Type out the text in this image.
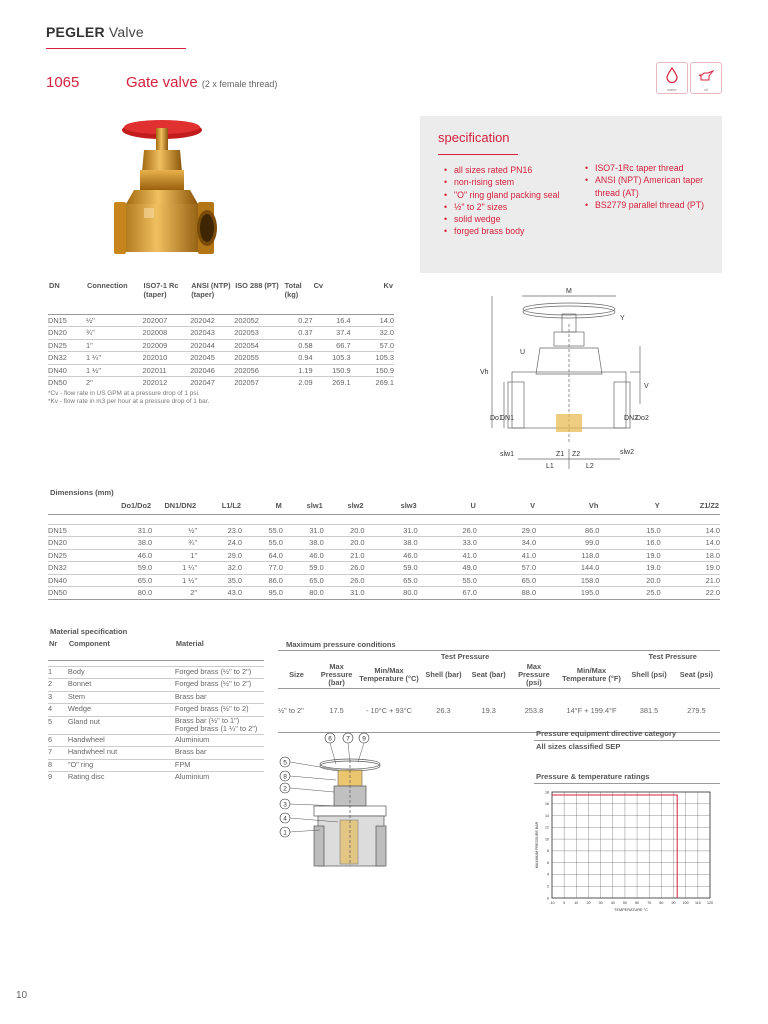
PEGLER Valve
1065	Gate valve (2 x female thread)
water	oil
specification
• all sizes rated PN16
• non-rising stem
• "O" ring gland packing seal
• ½" to 2" sizes
• solid wedge
• forged brass body
• ISO7-1Rc taper thread
• ANSI (NPT) American taper thread (AT)
• BS2779 parallel thread (PT)
DN	Connection	ISO7-1 Rc (taper)	ANSI (NTP) (taper)	ISO 288 (PT)	Total (kg)	Cv	Kv
DN15	½"	202007	202042	202052	0.27	16.4	14.0
DN20	¾"	202008	202043	202053	0.37	37.4	32.0
DN25	1"	202009	202044	202054	0.58	66.7	57.0
DN32	1 ¼"	202010	202045	202055	0.94	105.3	105.3
DN40	1 ½"	202011	202046	202056	1.19	150.9	150.9
DN50	2"	202012	202047	202057	2.09	269.1	269.1
*Cv - flow rate in US GPM at a pressure drop of 1 psi.
*Kv - flow rate in m3 per hour at a pressure drop of 1 bar.
M
Y
U
Vh
V
Do1
DN1	DN2
Do2
slw1	Z1 Z2	slw2
L1	L2
Dimensions (mm)
	Do1/Do2	DN1/DN2	L1/L2	M	slw1	slw2	slw3	U	V	Vh	Y	Z1/Z2

DN15	31.0	½"	23.0	55.0	31.0	20.0	31.0	26.0	29.0	86.0	15.0	14.0
DN20	38.0	¾"	24.0	55.0	38.0	20.0	38.0	33.0	34.0	99.0	16.0	14.0
DN25	46.0	1"	29.0	64.0	46.0	21.0	46.0	41.0	41.0	118.0	19.0	18.0
DN32	59.0	1 ¼"	32.0	77.0	59.0	26.0	59.0	49.0	57.0	144.0	19.0	19.0
DN40	65.0	1 ½"	35.0	86.0	65.0	26.0	65.0	55.0	65.0	158.0	20.0	21.0
DN50	80.0	2"	43.0	95.0	80.0	31.0	80.0	67.0	88.0	195.0	25.0	22.0
Material specification
Nr	Component	Material

1	Body	Forged brass (½" to 2")
2	Bonnet	Forged brass (½" to 2")
3	Stem	Brass bar
4	Wedge	Forged brass (½" to 2)
5	Gland nut	Brass bar (½" to 1") Forged brass (1 ¼" to 2")
6	Handwheel	Aluminium
7	Handwheel nut	Brass bar
8	"O" ring	FPM
9	Rating disc	Aluminium
Maximum pressure conditions
			Test Pressure				Test Pressure	
Size	Max Pressure (bar)	Min/Max Temperature (°C)	Shell (bar)	Seat (bar)	Max Pressure (psi)	Min/Max Temperature (°F)	Shell (psi)	Seat (psi)
½" to 2"	17.5	- 10°C + 93°C	26.3	19.3	253.8	14°F + 199.4°F	381.5	279.5
Pressure equipment directive category
All sizes classified SEP
6 7 9
5
8
2
3
4
1
Pressure & temperature ratings
-10 0	10 20 30 40 50 60 70 80 90 100 110 120
0
2
4
6
8
10
12
14
16
18
TEMPERATURE °C
MAXIMUM PRESSURE BAR
10
